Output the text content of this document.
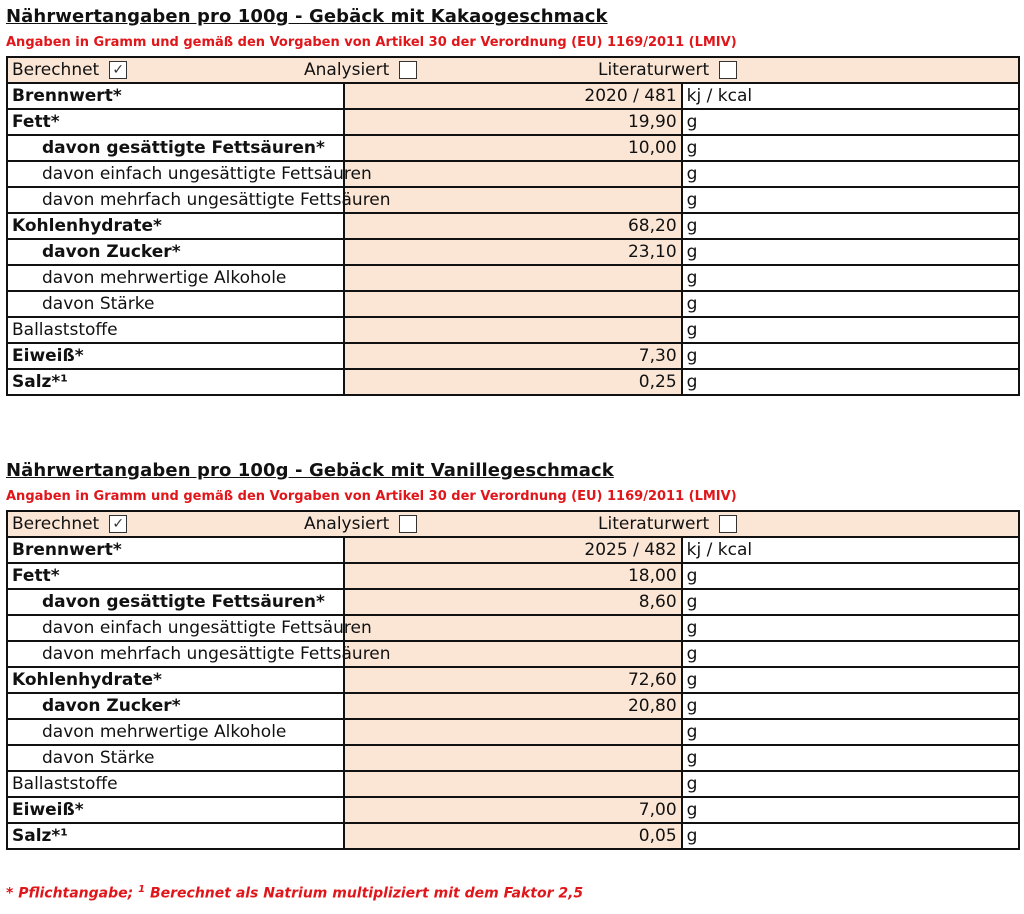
Nährwertangaben pro 100g - Gebäck mit Kakaogeschmack
Angaben in Gramm und gemäß den Vorgaben von Artikel 30 der Verordnung (EU) 1169/2011 (LMIV)
Berechnet ✓ Analysiert Literaturwert		

Brennwert*	2020 / 481	kj / kcal
Fett*	19,90	g
davon gesättigte Fettsäuren*	10,00	g
davon einfach ungesättigte Fettsäuren		g
davon mehrfach ungesättigte Fettsäuren		g
Kohlenhydrate*	68,20	g
davon Zucker*	23,10	g
davon mehrwertige Alkohole		g
davon Stärke		g
Ballaststoffe		g
Eiweiß*	7,30	g
Salz*¹	0,25	g
Nährwertangaben pro 100g - Gebäck mit Vanillegeschmack
Angaben in Gramm und gemäß den Vorgaben von Artikel 30 der Verordnung (EU) 1169/2011 (LMIV)
Berechnet ✓ Analysiert Literaturwert		

Brennwert*	2025 / 482	kj / kcal
Fett*	18,00	g
davon gesättigte Fettsäuren*	8,60	g
davon einfach ungesättigte Fettsäuren		g
davon mehrfach ungesättigte Fettsäuren		g
Kohlenhydrate*	72,60	g
davon Zucker*	20,80	g
davon mehrwertige Alkohole		g
davon Stärke		g
Ballaststoffe		g
Eiweiß*	7,00	g
Salz*¹	0,05	g
* Pflichtangabe; $^1$ Berechnet als Natrium multipliziert mit dem Faktor 2,5
